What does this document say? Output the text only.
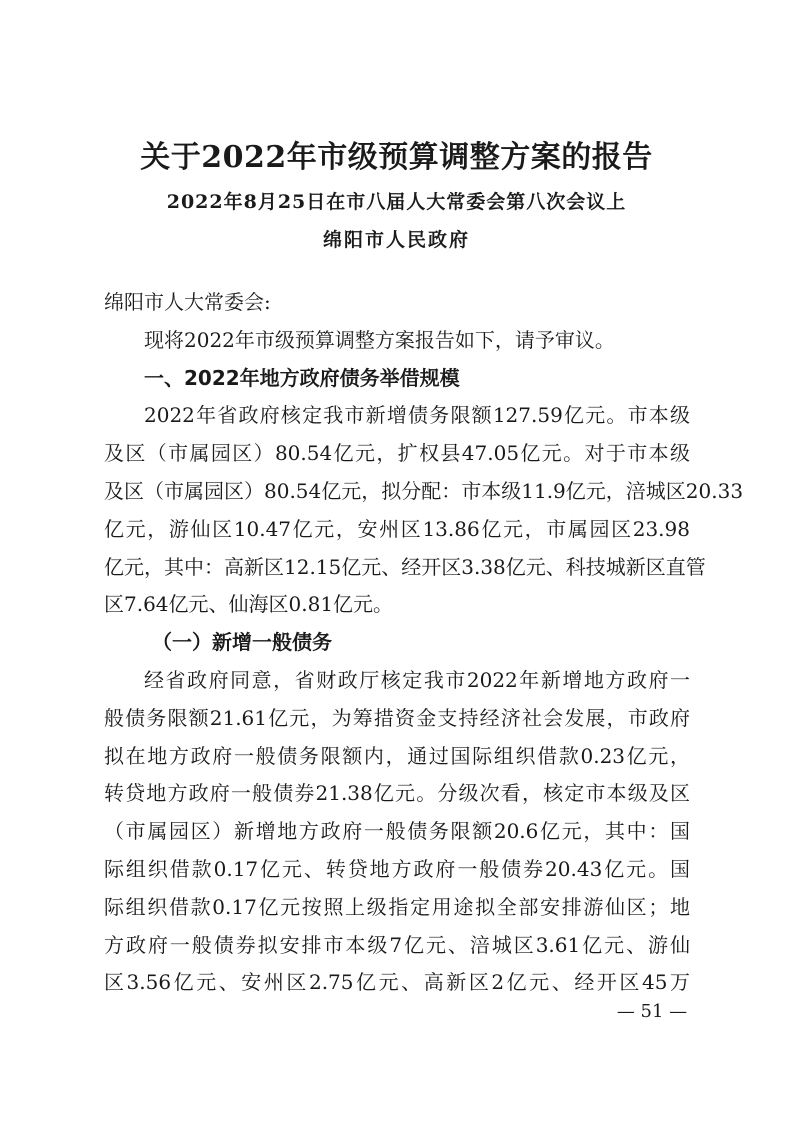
关于2022年市级预算调整方案的报告
2022年8月25日在市八届人大常委会第八次会议上
绵阳市人民政府
绵阳市人大常委会:
现将2022年市级预算调整方案报告如下，请予审议。
一、2022年地方政府债务举借规模
2022年省政府核定我市新增债务限额127.59亿元。市本级
及区（市属园区）80.54亿元，扩权县47.05亿元。对于市本级
及区（市属园区）80.54亿元，拟分配：市本级11.9亿元，涪城区20.33
亿元，游仙区10.47亿元，安州区13.86亿元，市属园区23.98
亿元，其中：高新区12.15亿元、经开区3.38亿元、科技城新区直管
区7.64亿元、仙海区0.81亿元。
（一）新增一般债务
经省政府同意，省财政厅核定我市2022年新增地方政府一
般债务限额21.61亿元，为筹措资金支持经济社会发展，市政府
拟在地方政府一般债务限额内，通过国际组织借款0.23亿元，
转贷地方政府一般债券21.38亿元。分级次看，核定市本级及区
（市属园区）新增地方政府一般债务限额20.6亿元，其中：国
际组织借款0.17亿元、转贷地方政府一般债券20.43亿元。国
际组织借款0.17亿元按照上级指定用途拟全部安排游仙区；地
方政府一般债券拟安排市本级7亿元、涪城区3.61亿元、游仙
区3.56亿元、安州区2.75亿元、高新区2亿元、经开区45万
— 51 —
